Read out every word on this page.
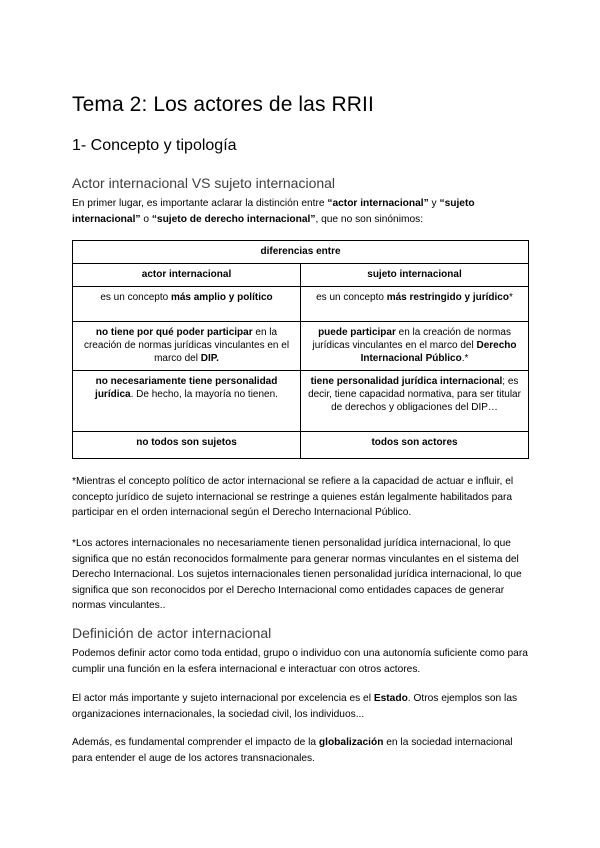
Tema 2: Los actores de las RRII
1- Concepto y tipología
Actor internacional VS sujeto internacional

En primer lugar, es importante aclarar la distinción entre “actor internacional” y “sujeto internacional” o “sujeto de derecho internacional”, que no son sinónimos:

diferencias entre	
actor internacional	sujeto internacional
es un concepto más amplio y político	es un concepto más restringido y jurídico*
no tiene por qué poder participar en la creación de normas jurídicas vinculantes en el marco del DIP.	puede participar en la creación de normas jurídicas vinculantes en el marco del Derecho Internacional Público.*
no necesariamente tiene personalidad jurídica. De hecho, la mayoría no tienen.	tiene personalidad jurídica internacional; es decir, tiene capacidad normativa, para ser titular de derechos y obligaciones del DIP…
no todos son sujetos	todos son actores

*Mientras el concepto político de actor internacional se refiere a la capacidad de actuar e influir, el concepto jurídico de sujeto internacional se restringe a quienes están legalmente habilitados para participar en el orden internacional según el Derecho Internacional Público.

*Los actores internacionales no necesariamente tienen personalidad jurídica internacional, lo que significa que no están reconocidos formalmente para generar normas vinculantes en el sistema del Derecho Internacional. Los sujetos internacionales tienen personalidad jurídica internacional, lo que significa que son reconocidos por el Derecho Internacional como entidades capaces de generar normas vinculantes..

Definición de actor internacional

Podemos definir actor como toda entidad, grupo o individuo con una autonomía suficiente como para cumplir una función en la esfera internacional e interactuar con otros actores.

El actor más importante y sujeto internacional por excelencia es el Estado. Otros ejemplos son las organizaciones internacionales, la sociedad civil, los individuos...

Además, es fundamental comprender el impacto de la globalización en la sociedad internacional para entender el auge de los actores transnacionales.
